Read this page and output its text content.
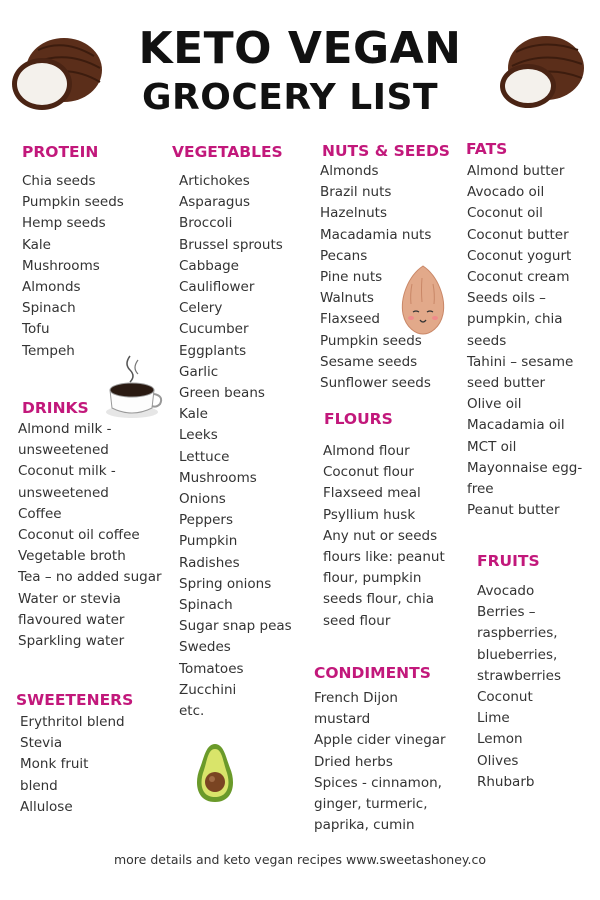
KETO VEGAN
GROCERY LIST
PROTEIN
Chia seeds
Pumpkin seeds
Hemp seeds
Kale
Mushrooms
Almonds
Spinach
Tofu
Tempeh
DRINKS
Almond milk -
unsweetened
Coconut milk -
unsweetened
Coffee
Coconut oil coffee
Vegetable broth
Tea – no added sugar
Water or stevia
flavoured water
Sparkling water
SWEETENERS
Erythritol blend
Stevia
Monk fruit
blend
Allulose
VEGETABLES
Artichokes
Asparagus
Broccoli
Brussel sprouts
Cabbage
Cauliflower
Celery
Cucumber
Eggplants
Garlic
Green beans
Kale
Leeks
Lettuce
Mushrooms
Onions
Peppers
Pumpkin
Radishes
Spring onions
Spinach
Sugar snap peas
Swedes
Tomatoes
Zucchini
etc.
NUTS & SEEDS
Almonds
Brazil nuts
Hazelnuts
Macadamia nuts
Pecans
Pine nuts
Walnuts
Flaxseed
Pumpkin seeds
Sesame seeds
Sunflower seeds
FLOURS
Almond flour
Coconut flour
Flaxseed meal
Psyllium husk
Any nut or seeds
flours like: peanut
flour, pumpkin
seeds flour, chia
seed flour
CONDIMENTS
French Dijon
mustard
Apple cider vinegar
Dried herbs
Spices - cinnamon,
ginger, turmeric,
paprika, cumin
FATS
Almond butter
Avocado oil
Coconut oil
Coconut butter
Coconut yogurt
Coconut cream
Seeds oils –
pumpkin, chia
seeds
Tahini – sesame
seed butter
Olive oil
Macadamia oil
MCT oil
Mayonnaise egg-
free
Peanut butter
FRUITS
Avocado
Berries –
raspberries,
blueberries,
strawberries
Coconut
Lime
Lemon
Olives
Rhubarb

more details and keto vegan recipes www.sweetashoney.co
